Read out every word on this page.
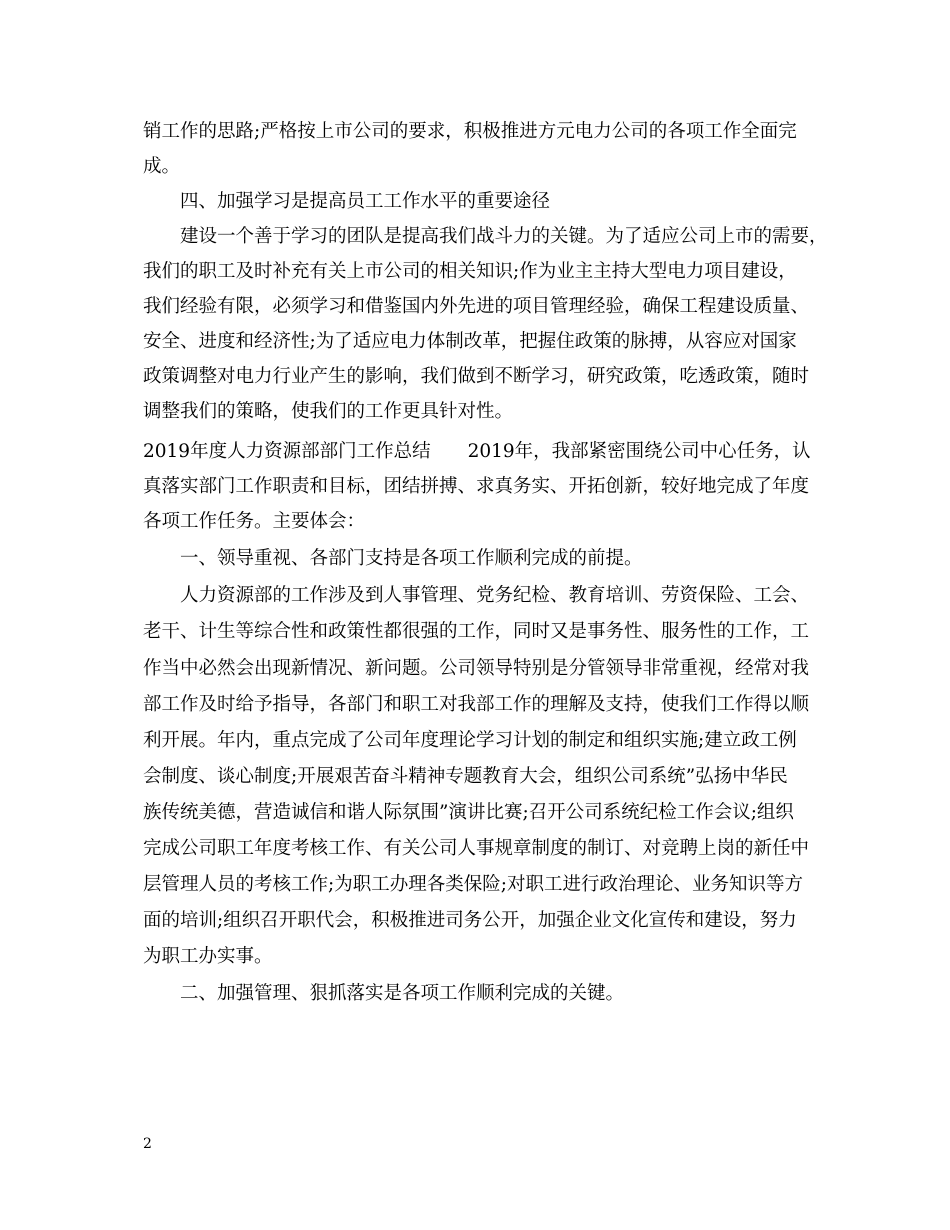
销工作的思路;严格按上市公司的要求，积极推进方元电力公司的各项工作全面完
成。
四、加强学习是提高员工工作水平的重要途径
建设一个善于学习的团队是提高我们战斗力的关键。为了适应公司上市的需要，
我们的职工及时补充有关上市公司的相关知识;作为业主主持大型电力项目建设，
我们经验有限，必须学习和借鉴国内外先进的项目管理经验，确保工程建设质量、
安全、进度和经济性;为了适应电力体制改革，把握住政策的脉搏，从容应对国家
政策调整对电力行业产生的影响，我们做到不断学习，研究政策，吃透政策，随时
调整我们的策略，使我们的工作更具针对性。
2019年度人力资源部部门工作总结　　2019年，我部紧密围绕公司中心任务，认
真落实部门工作职责和目标，团结拼搏、求真务实、开拓创新，较好地完成了年度
各项工作任务。主要体会：
一、领导重视、各部门支持是各项工作顺利完成的前提。
人力资源部的工作涉及到人事管理、党务纪检、教育培训、劳资保险、工会、
老干、计生等综合性和政策性都很强的工作，同时又是事务性、服务性的工作，工
作当中必然会出现新情况、新问题。公司领导特别是分管领导非常重视，经常对我
部工作及时给予指导，各部门和职工对我部工作的理解及支持，使我们工作得以顺
利开展。年内，重点完成了公司年度理论学习计划的制定和组织实施;建立政工例
会制度、谈心制度;开展艰苦奋斗精神专题教育大会，组织公司系统”弘扬中华民
族传统美德，营造诚信和谐人际氛围”演讲比赛;召开公司系统纪检工作会议;组织
完成公司职工年度考核工作、有关公司人事规章制度的制订、对竞聘上岗的新任中
层管理人员的考核工作;为职工办理各类保险;对职工进行政治理论、业务知识等方
面的培训;组织召开职代会，积极推进司务公开，加强企业文化宣传和建设，努力
为职工办实事。
二、加强管理、狠抓落实是各项工作顺利完成的关键。
2
